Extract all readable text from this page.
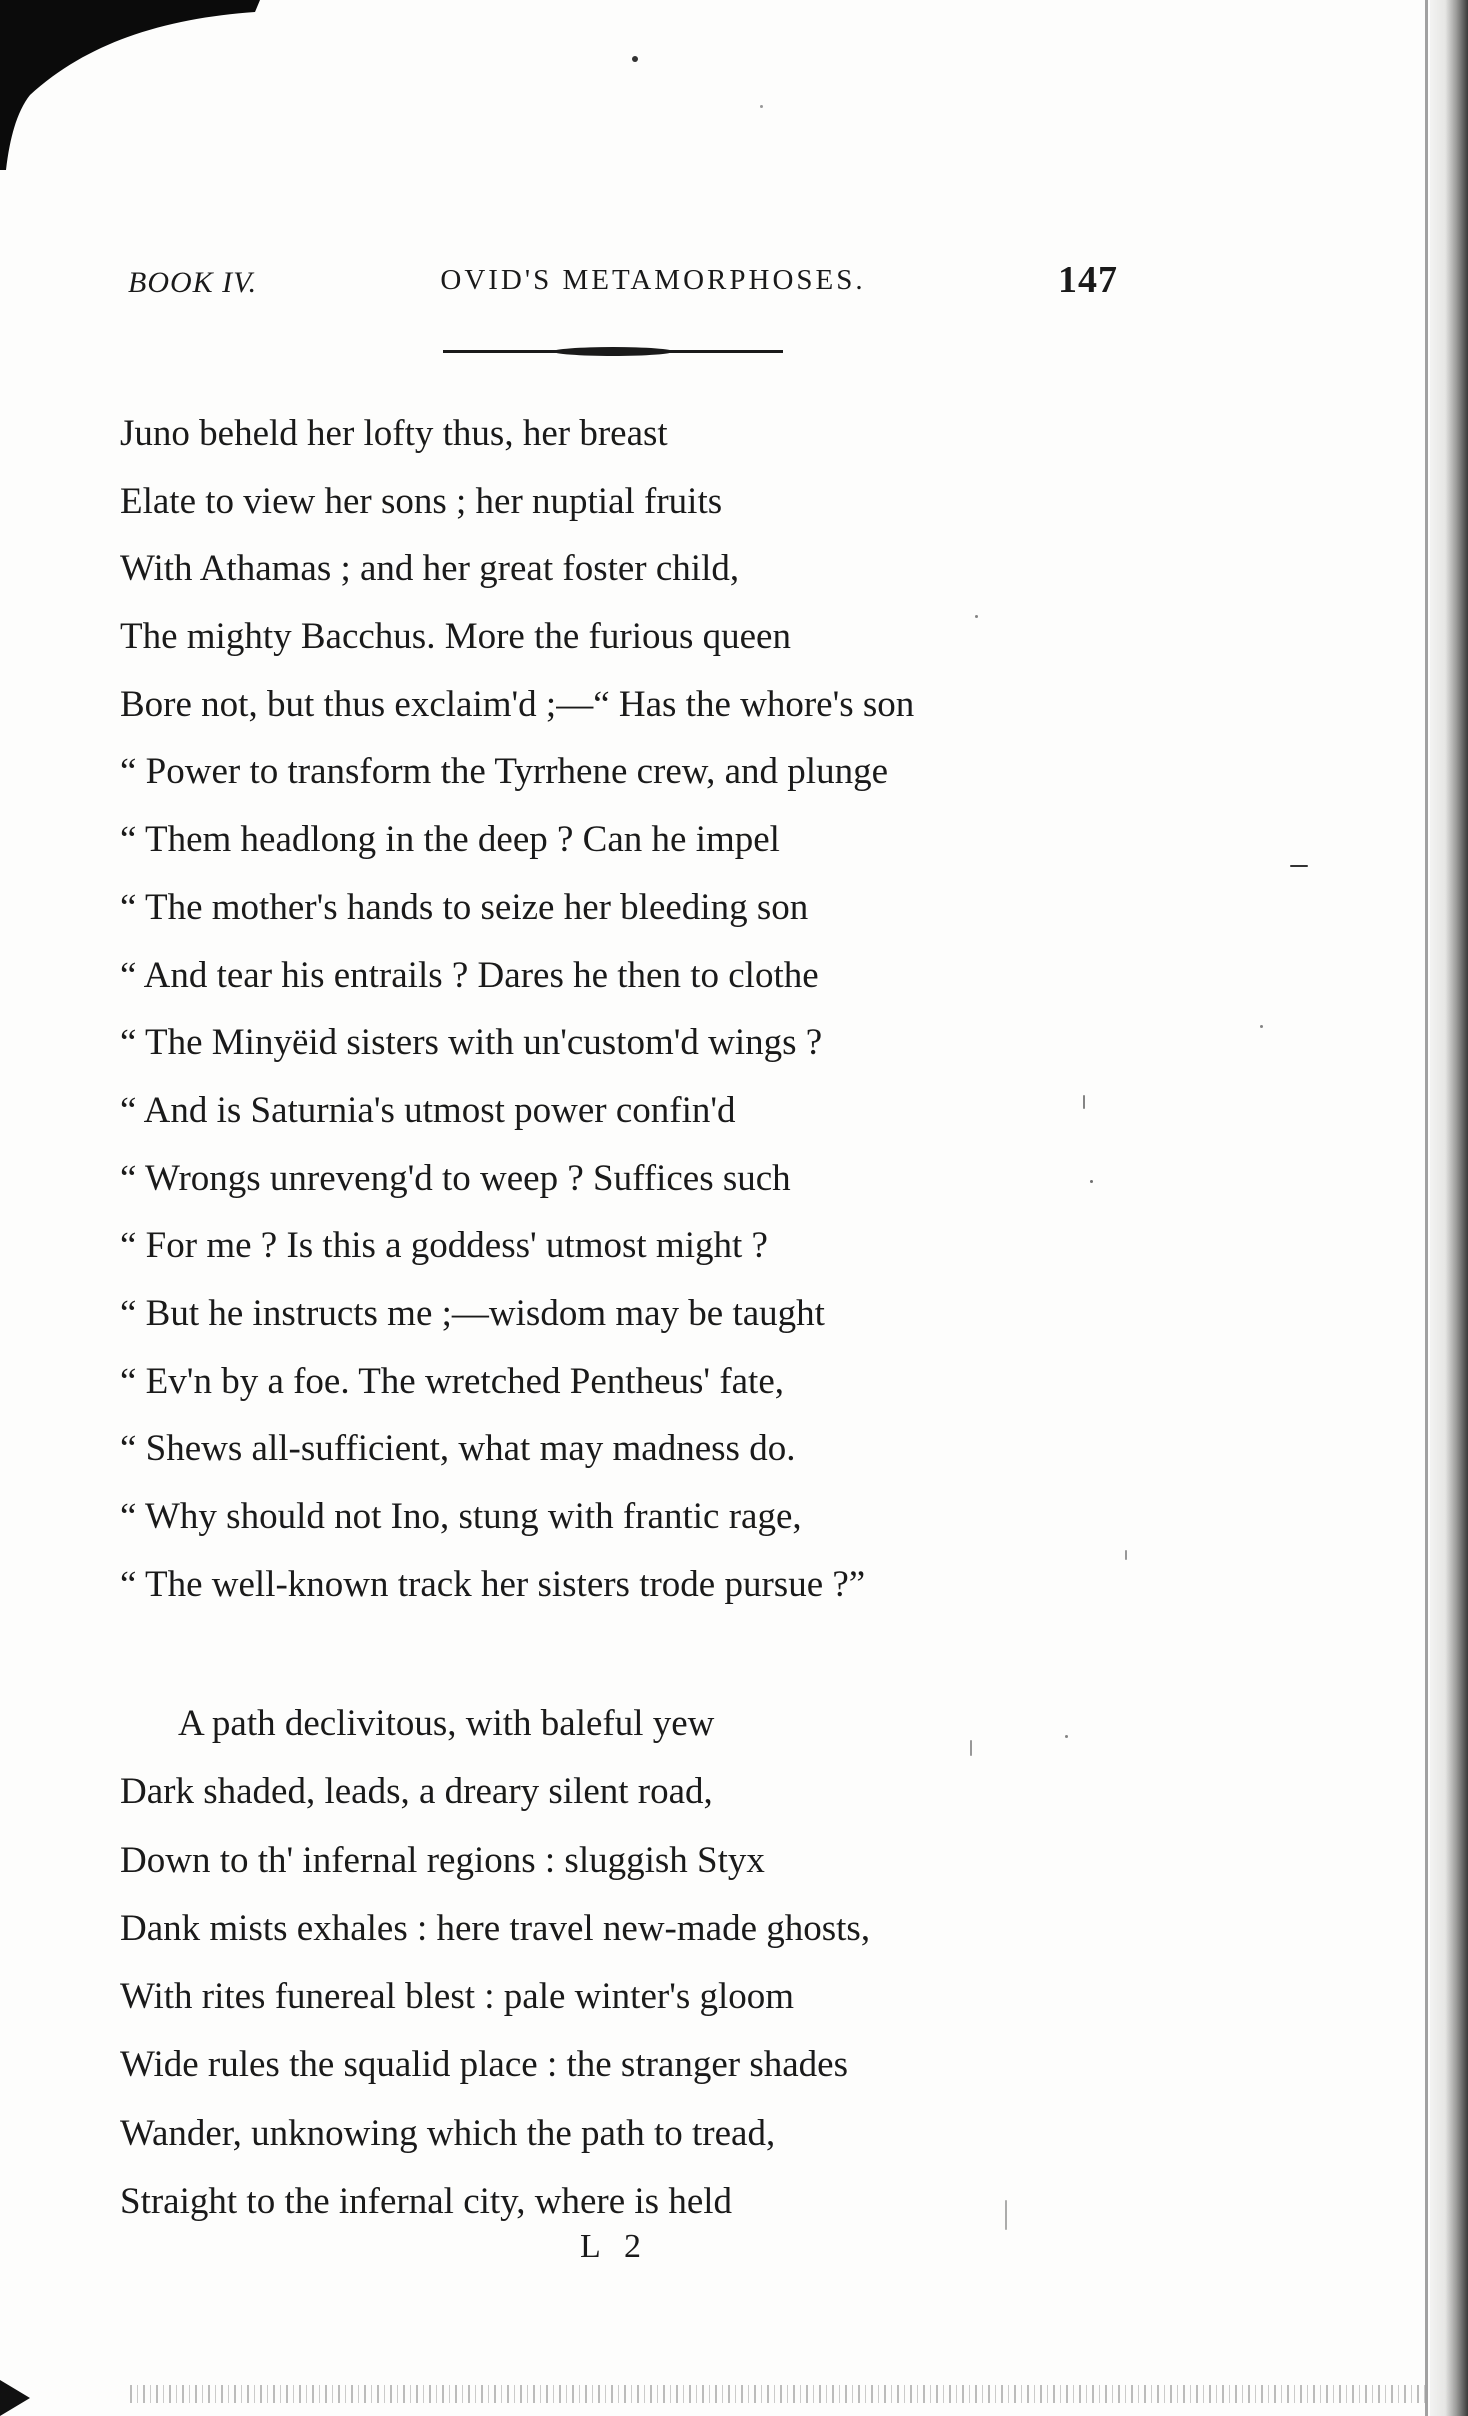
BOOK IV.	OVID'S METAMORPHOSES.	147
Juno beheld her lofty thus, her breast
Elate to view her sons ; her nuptial fruits
With Athamas ; and her great foster child,
The mighty Bacchus. More the furious queen
Bore not, but thus exclaim'd ;—“ Has the whore's son
“ Power to transform the Tyrrhene crew, and plunge
“ Them headlong in the deep ? Can he impel
“ The mother's hands to seize her bleeding son
“ And tear his entrails ? Dares he then to clothe
“ The Minyëid sisters with un'custom'd wings ?
“ And is Saturnia's utmost power confin'd
“ Wrongs unreveng'd to weep ? Suffices such
“ For me ? Is this a goddess' utmost might ?
“ But he instructs me ;—wisdom may be taught
“ Ev'n by a foe. The wretched Pentheus' fate,
“ Shews all-sufficient, what may madness do.
“ Why should not Ino, stung with frantic rage,
“ The well-known track her sisters trode pursue ?”
A path declivitous, with baleful yew
Dark shaded, leads, a dreary silent road,
Down to th' infernal regions : sluggish Styx
Dank mists exhales : here travel new-made ghosts,
With rites funereal blest : pale winter's gloom
Wide rules the squalid place : the stranger shades
Wander, unknowing which the path to tread,
Straight to the infernal city, where is held
L 2
